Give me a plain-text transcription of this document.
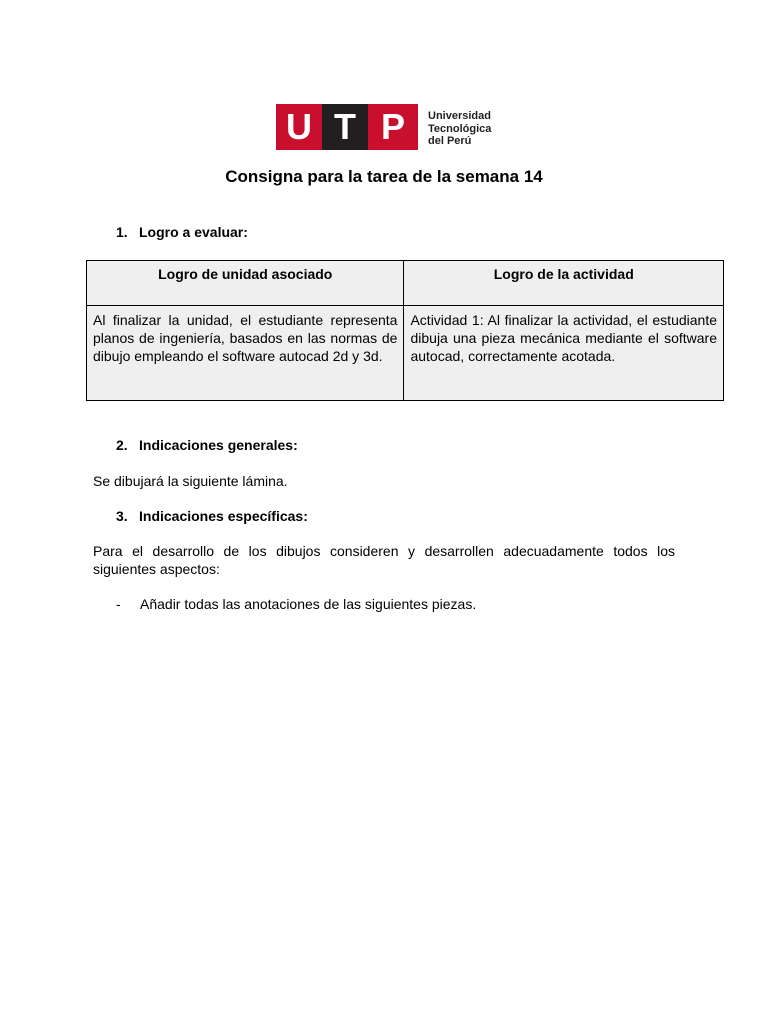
U T P	Universidad
Tecnológica
del Perú
Consigna para la tarea de la semana 14
1. Logro a evaluar:
Logro de unidad asociado	Logro de la actividad
Al finalizar la unidad, el estudiante representa planos de ingeniería, basados en las normas de dibujo empleando el software autocad 2d y 3d.	Actividad 1: Al finalizar la actividad, el estudiante dibuja una pieza mecánica mediante el software autocad, correctamente acotada.
2. Indicaciones generales:
Se dibujará la siguiente lámina.
3. Indicaciones específicas:
Para el desarrollo de los dibujos consideren y desarrollen adecuadamente todos los siguientes aspectos:
- Añadir todas las anotaciones de las siguientes piezas.
